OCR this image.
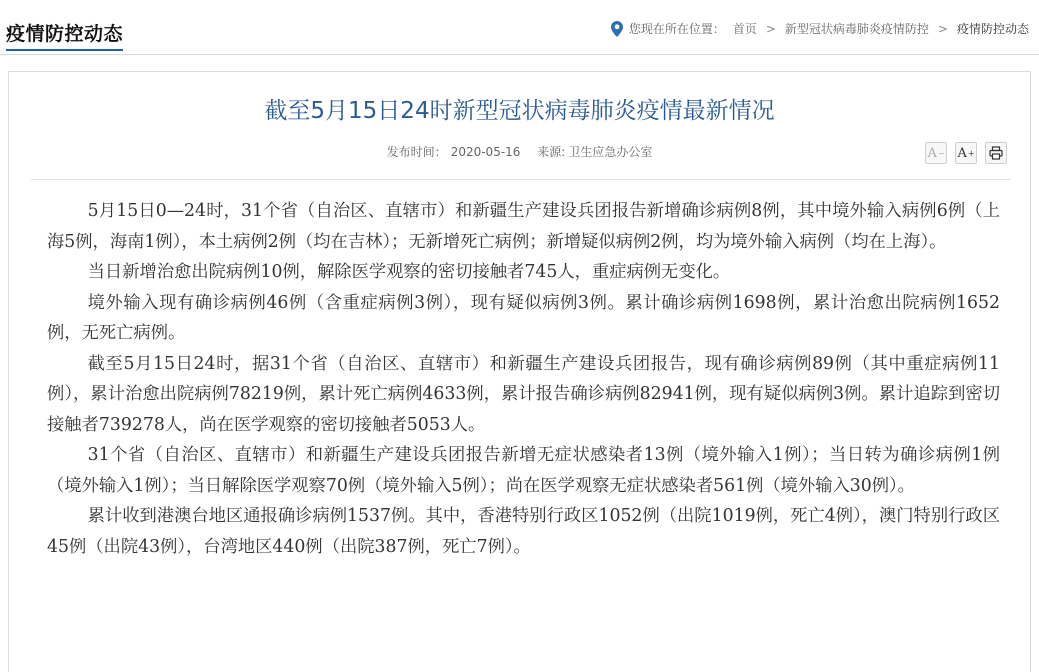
疫情防控动态	您现在所在位置： 首页 > 新型冠状病毒肺炎疫情防控 > 疫情防控动态
截至5月15日24时新型冠状病毒肺炎疫情最新情况
发布时间： 2020-05-16 来源: 卫生应急办公室	A − A +

5月15日0—24时，31个省（自治区、直辖市）和新疆生产建设兵团报告新增确诊病例8例，其中境外输入病例6例（上海5例，海南1例），本土病例2例（均在吉林）；无新增死亡病例；新增疑似病例2例，均为境外输入病例（均在上海）。

当日新增治愈出院病例10例，解除医学观察的密切接触者745人，重症病例无变化。

境外输入现有确诊病例46例（含重症病例3例），现有疑似病例3例。累计确诊病例1698例，累计治愈出院病例1652例，无死亡病例。

截至5月15日24时，据31个省（自治区、直辖市）和新疆生产建设兵团报告，现有确诊病例89例（其中重症病例11例），累计治愈出院病例78219例，累计死亡病例4633例，累计报告确诊病例82941例，现有疑似病例3例。累计追踪到密切接触者739278人，尚在医学观察的密切接触者5053人。

31个省（自治区、直辖市）和新疆生产建设兵团报告新增无症状感染者13例（境外输入1例）；当日转为确诊病例1例（境外输入1例）；当日解除医学观察70例（境外输入5例）；尚在医学观察无症状感染者561例（境外输入30例）。

累计收到港澳台地区通报确诊病例1537例。其中，香港特别行政区1052例（出院1019例，死亡4例），澳门特别行政区45例（出院43例），台湾地区440例（出院387例，死亡7例）。
